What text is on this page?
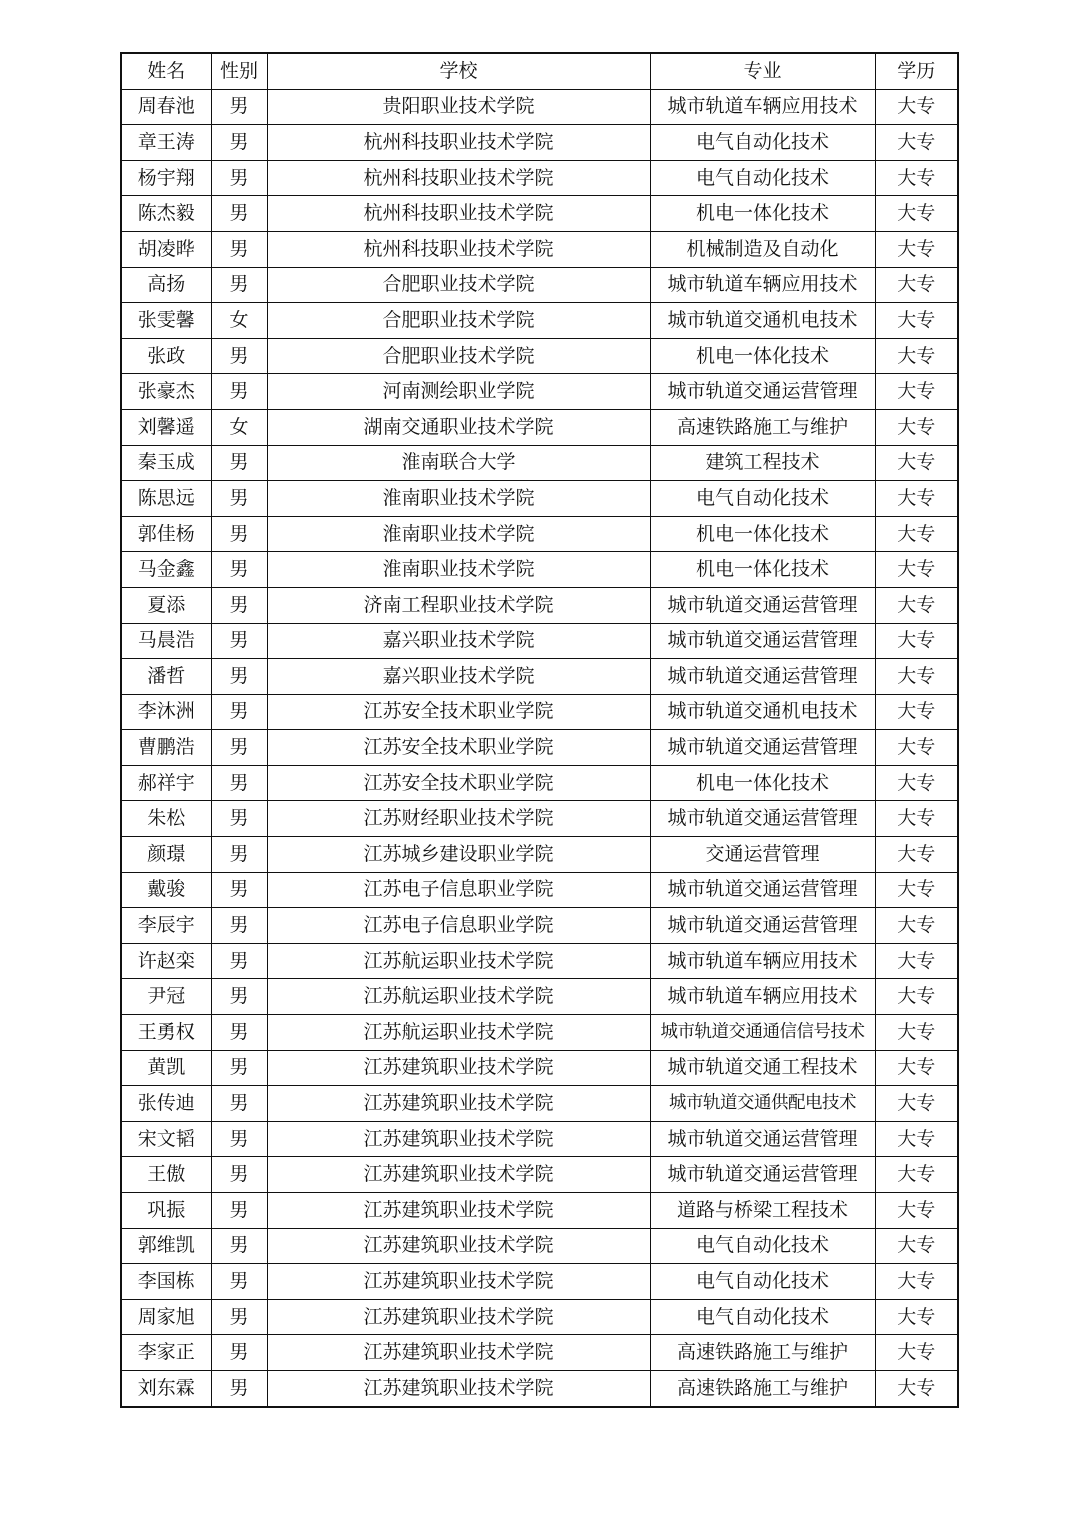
姓名	性别	学校	专业	学历
周春池	男	贵阳职业技术学院	城市轨道车辆应用技术	大专
章王涛	男	杭州科技职业技术学院	电气自动化技术	大专
杨宇翔	男	杭州科技职业技术学院	电气自动化技术	大专
陈杰毅	男	杭州科技职业技术学院	机电一体化技术	大专
胡凌晔	男	杭州科技职业技术学院	机械制造及自动化	大专
高扬	男	合肥职业技术学院	城市轨道车辆应用技术	大专
张雯馨	女	合肥职业技术学院	城市轨道交通机电技术	大专
张政	男	合肥职业技术学院	机电一体化技术	大专
张豪杰	男	河南测绘职业学院	城市轨道交通运营管理	大专
刘馨遥	女	湖南交通职业技术学院	高速铁路施工与维护	大专
秦玉成	男	淮南联合大学	建筑工程技术	大专
陈思远	男	淮南职业技术学院	电气自动化技术	大专
郭佳杨	男	淮南职业技术学院	机电一体化技术	大专
马金鑫	男	淮南职业技术学院	机电一体化技术	大专
夏添	男	济南工程职业技术学院	城市轨道交通运营管理	大专
马晨浩	男	嘉兴职业技术学院	城市轨道交通运营管理	大专
潘哲	男	嘉兴职业技术学院	城市轨道交通运营管理	大专
李沐洲	男	江苏安全技术职业学院	城市轨道交通机电技术	大专
曹鹏浩	男	江苏安全技术职业学院	城市轨道交通运营管理	大专
郝祥宇	男	江苏安全技术职业学院	机电一体化技术	大专
朱松	男	江苏财经职业技术学院	城市轨道交通运营管理	大专
颜璟	男	江苏城乡建设职业学院	交通运营管理	大专
戴骏	男	江苏电子信息职业学院	城市轨道交通运营管理	大专
李辰宇	男	江苏电子信息职业学院	城市轨道交通运营管理	大专
许赵栾	男	江苏航运职业技术学院	城市轨道车辆应用技术	大专
尹冠	男	江苏航运职业技术学院	城市轨道车辆应用技术	大专
王勇权	男	江苏航运职业技术学院	城市轨道交通通信信号技术	大专
黄凯	男	江苏建筑职业技术学院	城市轨道交通工程技术	大专
张传迪	男	江苏建筑职业技术学院	城市轨道交通供配电技术	大专
宋文韬	男	江苏建筑职业技术学院	城市轨道交通运营管理	大专
王傲	男	江苏建筑职业技术学院	城市轨道交通运营管理	大专
巩振	男	江苏建筑职业技术学院	道路与桥梁工程技术	大专
郭维凯	男	江苏建筑职业技术学院	电气自动化技术	大专
李国栋	男	江苏建筑职业技术学院	电气自动化技术	大专
周家旭	男	江苏建筑职业技术学院	电气自动化技术	大专
李家正	男	江苏建筑职业技术学院	高速铁路施工与维护	大专
刘东霖	男	江苏建筑职业技术学院	高速铁路施工与维护	大专
